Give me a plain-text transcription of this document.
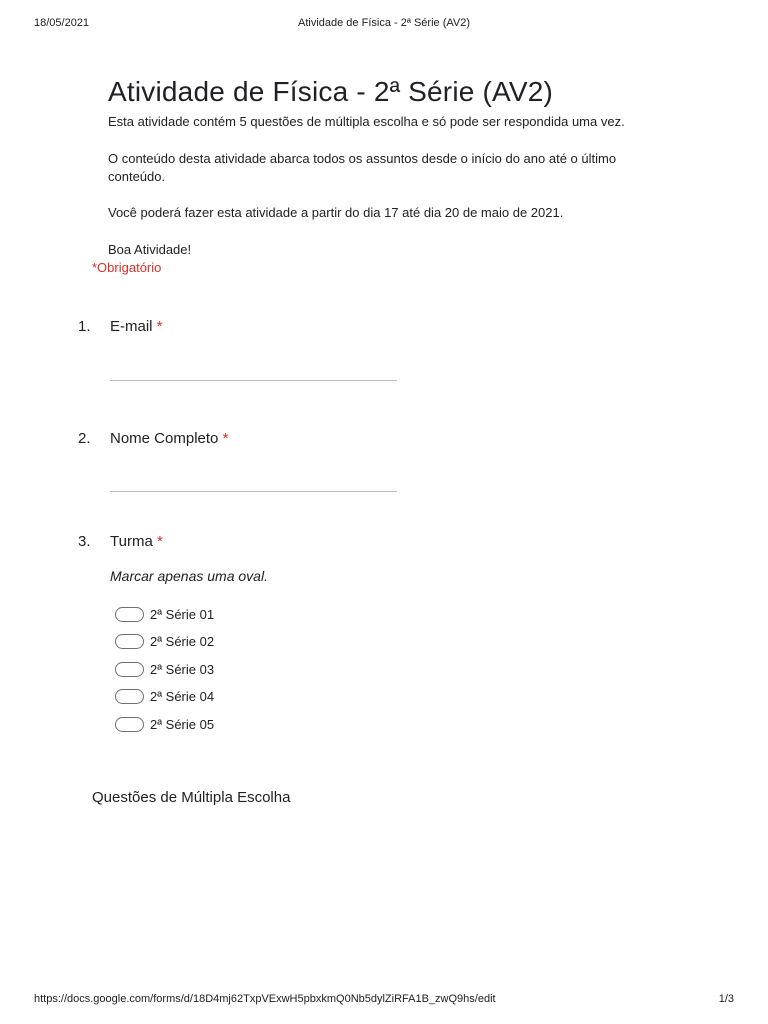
18/05/2021	Atividade de Física - 2ª Série (AV2)
Atividade de Física - 2ª Série (AV2)
Esta atividade contém 5 questões de múltipla escolha e só pode ser respondida uma vez.
O conteúdo desta atividade abarca todos os assuntos desde o início do ano até o último
conteúdo.
Você poderá fazer esta atividade a partir do dia 17 até dia 20 de maio de 2021.
Boa Atividade!
*Obrigatório
1. E-mail *
2. Nome Completo *
3. Turma *
Marcar apenas uma oval.
2ª Série 01
2ª Série 02
2ª Série 03
2ª Série 04
2ª Série 05
Questões de Múltipla Escolha
https://docs.google.com/forms/d/18D4mj62TxpVExwH5pbxkmQ0Nb5dylZiRFA1B_zwQ9hs/edit	1/3
